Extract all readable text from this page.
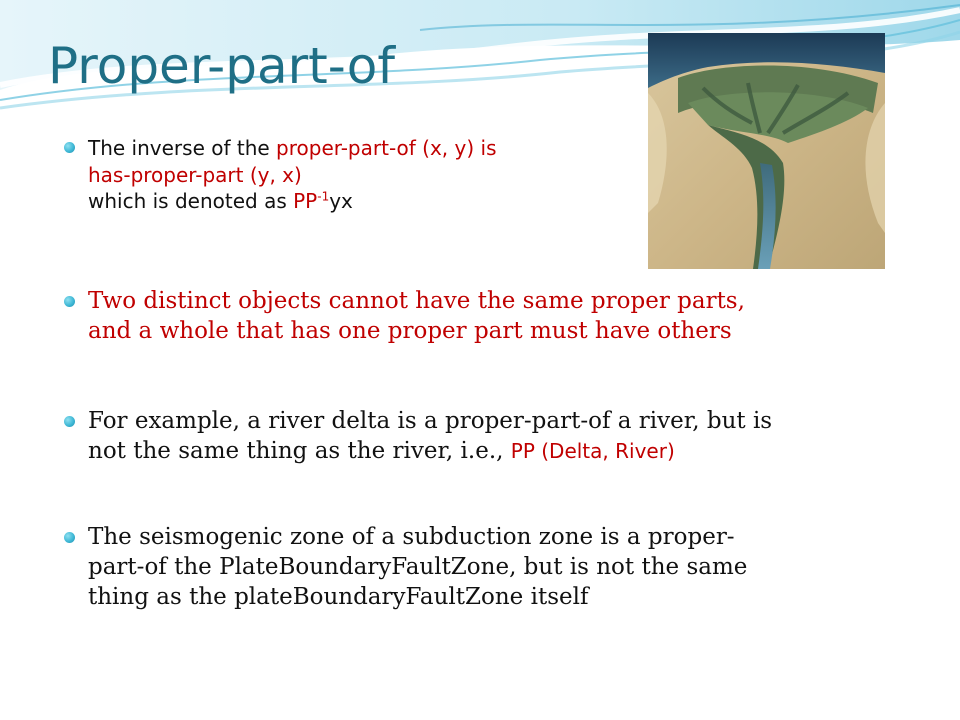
Proper-part-of

The inverse of the proper-part-of (x, y) is
has-proper-part (y, x)
which is denoted as $PP^{-1}yx$

Two distinct objects cannot have the same proper parts,
and a whole that has one proper part must have others

For example, a river delta is a proper-part-of a river, but is
not the same thing as the river, i.e., PP (Delta, River)

The seismogenic zone of a subduction zone is a proper-
part-of the PlateBoundaryFaultZone, but is not the same
thing as the plateBoundaryFaultZone itself
